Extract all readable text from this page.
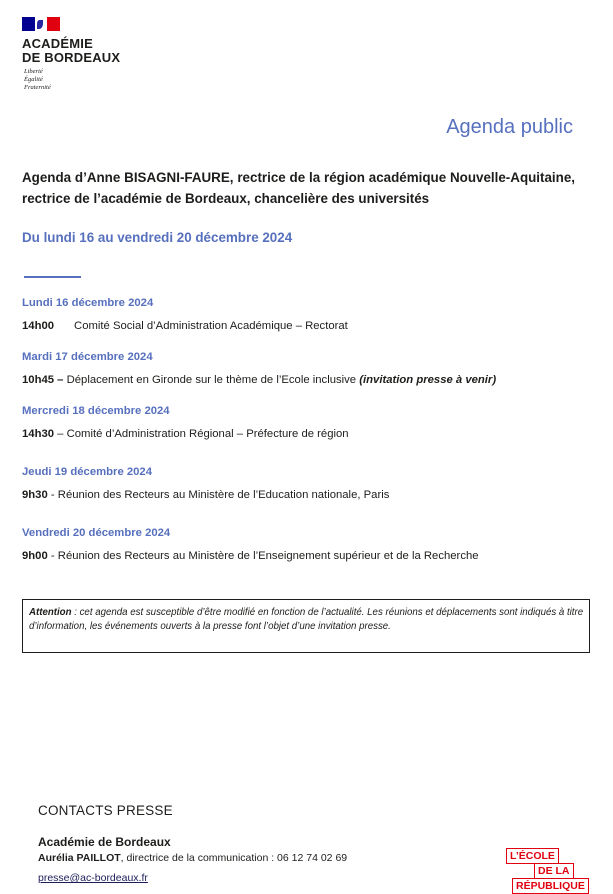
ACADÉMIE
DE BORDEAUX
Liberté
Égalité
Fraternité
Agenda public
Agenda d’Anne BISAGNI-FAURE, rectrice de la région académique Nouvelle-Aquitaine, rectrice de l’académie de Bordeaux, chancelière des universités
Du lundi 16 au vendredi 20 décembre 2024
Lundi 16 décembre 2024
14h00 Comité Social d’Administration Académique – Rectorat
Mardi 17 décembre 2024
10h45 – Déplacement en Gironde sur le thème de l’Ecole inclusive (invitation presse à venir)
Mercredi 18 décembre 2024
14h30 – Comité d’Administration Régional – Préfecture de région
Jeudi 19 décembre 2024
9h30 - Réunion des Recteurs au Ministère de l’Education nationale, Paris
Vendredi 20 décembre 2024
9h00 - Réunion des Recteurs au Ministère de l’Enseignement supérieur et de la Recherche
Attention : cet agenda est susceptible d’être modifié en fonction de l’actualité. Les réunions et déplacements sont indiqués à titre d’information, les événements ouverts à la presse font l’objet d’une invitation presse.
CONTACTS PRESSE
Académie de Bordeaux
Aurélia PAILLOT, directrice de la communication : 06 12 74 02 69
presse@ac-bordeaux.fr
L’ÉCOLE
DE LA
RÉPUBLIQUE
